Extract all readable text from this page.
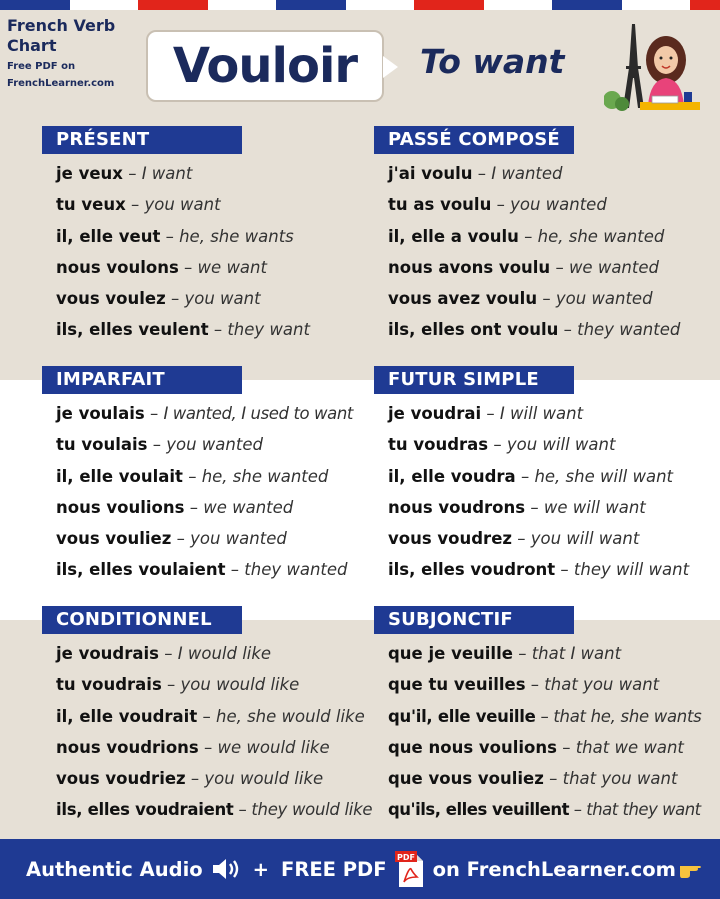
French Verb
Chart
Free PDF on
FrenchLearner.com	Vouloir To want
PRÉSENT
je veux – I want
tu veux – you want
il, elle veut – he, she wants
nous voulons – we want
vous voulez – you want
ils, elles veulent – they want
PASSÉ COMPOSÉ
j'ai voulu – I wanted
tu as voulu – you wanted
il, elle a voulu – he, she wanted
nous avons voulu – we wanted
vous avez voulu – you wanted
ils, elles ont voulu – they wanted
IMPARFAIT
je voulais – I wanted, I used to want
tu voulais – you wanted
il, elle voulait – he, she wanted
nous voulions – we wanted
vous vouliez – you wanted
ils, elles voulaient – they wanted
FUTUR SIMPLE
je voudrai – I will want
tu voudras – you will want
il, elle voudra – he, she will want
nous voudrons – we will want
vous voudrez – you will want
ils, elles voudront – they will want
CONDITIONNEL
je voudrais – I would like
tu voudrais – you would like
il, elle voudrait – he, she would like
nous voudrions – we would like
vous voudriez – you would like
ils, elles voudraient – they would like
SUBJONCTIF
que je veuille – that I want
que tu veuilles – that you want
qu'il, elle veuille – that he, she wants
que nous voulions – that we want
que vous vouliez – that you want
qu'ils, elles veuillent – that they want
Authentic Audio	+ FREE PDF PDF on FrenchLearner.com
